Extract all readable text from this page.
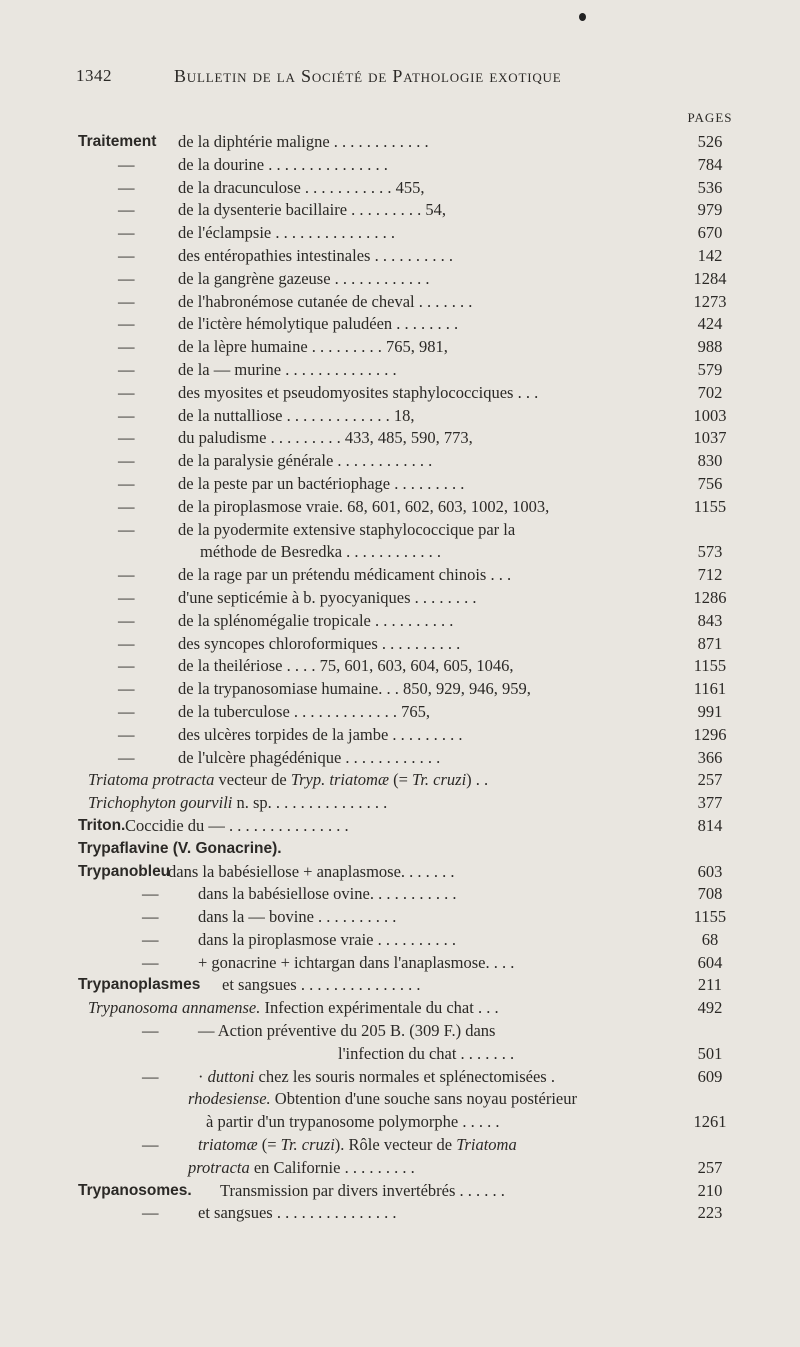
1342	Bulletin de la Société de Pathologie exotique
PAGES
Traitement de la diphtérie maligne . . . . . . . . . . . .	526
—	de la dourine . . . . . . . . . . . . . . .	784
—	de la dracunculose . . . . . . . . . . . 455,	536
—	de la dysenterie bacillaire . . . . . . . . . 54,	979
—	de l'éclampsie . . . . . . . . . . . . . . .	670
—	des entéropathies intestinales . . . . . . . . . .	142
—	de la gangrène gazeuse . . . . . . . . . . . .	1284
—	de l'habronémose cutanée de cheval . . . . . . .	1273
—	de l'ictère hémolytique paludéen . . . . . . . .	424
—	de la lèpre humaine . . . . . . . . . 765, 981,	988
—	de la — murine . . . . . . . . . . . . . .	579
—	des myosites et pseudomyosites staphylococciques . . .	702
—	de la nuttalliose . . . . . . . . . . . . . 18,	1003
—	du paludisme . . . . . . . . . 433, 485, 590, 773,	1037
—	de la paralysie générale . . . . . . . . . . . .	830
—	de la peste par un bactériophage . . . . . . . . .	756
—	de la piroplasmose vraie. 68, 601, 602, 603, 1002, 1003,	1155
—	de la pyodermite extensive staphylococcique par la
méthode de Besredka . . . . . . . . . . . .	573
—	de la rage par un prétendu médicament chinois . . .	712
—	d'une septicémie à b. pyocyaniques . . . . . . . .	1286
—	de la splénomégalie tropicale . . . . . . . . . .	843
—	des syncopes chloroformiques . . . . . . . . . .	871
—	de la theilériose . . . . 75, 601, 603, 604, 605, 1046,	1155
—	de la trypanosomiase humaine. . . 850, 929, 946, 959,	1161
—	de la tuberculose . . . . . . . . . . . . . 765,	991
—	des ulcères torpides de la jambe . . . . . . . . .	1296
—	de l'ulcère phagédénique . . . . . . . . . . . .	366
Triatoma protracta vecteur de Tryp. triatomæ (= Tr. cruzi) . .	257
Trichophyton gourvili n. sp. . . . . . . . . . . . . . .	377
Triton. Coccidie du — . . . . . . . . . . . . . . .	814
Trypaflavine (V. Gonacrine).
Trypanobleu
dans la babésiellose + anaplasmose. . . . . . .	603
— dans la babésiellose ovine. . . . . . . . . . .	708
— dans la — bovine . . . . . . . . . .	1155
— dans la piroplasmose vraie . . . . . . . . . .	68
— + gonacrine + ichtargan dans l'anaplasmose. . . .	604
Trypanoplasmes et sangsues . . . . . . . . . . . . . . .	211
Trypanosoma annamense. Infection expérimentale du chat . . .	492
— — Action préventive du 205 B. (309 F.) dans
l'infection du chat . . . . . . .	501
— · duttoni chez les souris normales et splénectomisées .	609
rhodesiense. Obtention d'une souche sans noyau postérieur
à partir d'un trypanosome polymorphe . . . . .	1261
— triatomæ (= Tr. cruzi). Rôle vecteur de Triatoma
protracta en Californie . . . . . . . . .	257
Trypanosomes. Transmission par divers invertébrés . . . . . .	210
— et sangsues . . . . . . . . . . . . . . .	223
